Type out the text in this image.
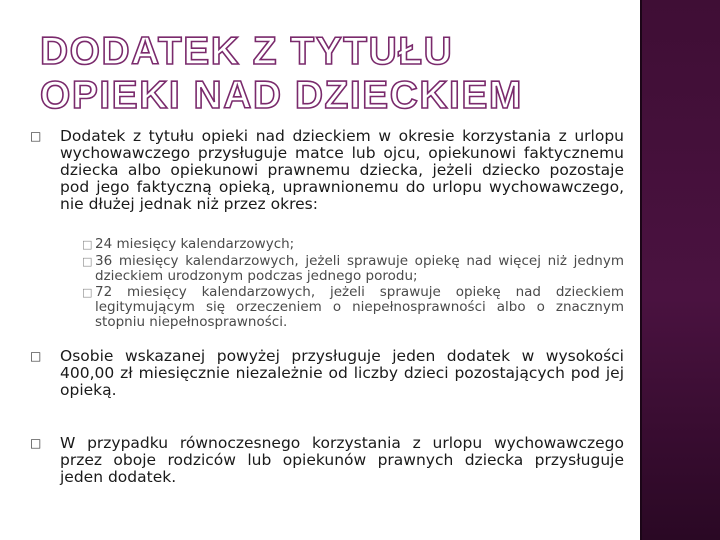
DODATEK Z TYTUŁU OPIEKI NAD DZIECKIEM
□	Dodatek z tytułu opieki nad dzieckiem w okresie korzystania z urlopu wychowawczego przysługuje matce lub ojcu, opiekunowi faktycznemu dziecka albo opiekunowi prawnemu dziecka, jeżeli dziecko pozostaje pod jego faktyczną opieką, uprawnionemu do urlopu wychowawczego, nie dłużej jednak niż przez okres:
□ 24 miesięcy kalendarzowych;
□ 36 miesięcy kalendarzowych, jeżeli sprawuje opiekę nad więcej niż jednym dzieckiem urodzonym podczas jednego porodu;
□ 72 miesięcy kalendarzowych, jeżeli sprawuje opiekę nad dzieckiem legitymującym się orzeczeniem o niepełnosprawności albo o znacznym stopniu niepełnosprawności.
□	Osobie wskazanej powyżej przysługuje jeden dodatek w wysokości 400,00 zł miesięcznie niezależnie od liczby dzieci pozostających pod jej opieką.
□	W przypadku równoczesnego korzystania z urlopu wychowawczego przez oboje rodziców lub opiekunów prawnych dziecka przysługuje jeden dodatek.
